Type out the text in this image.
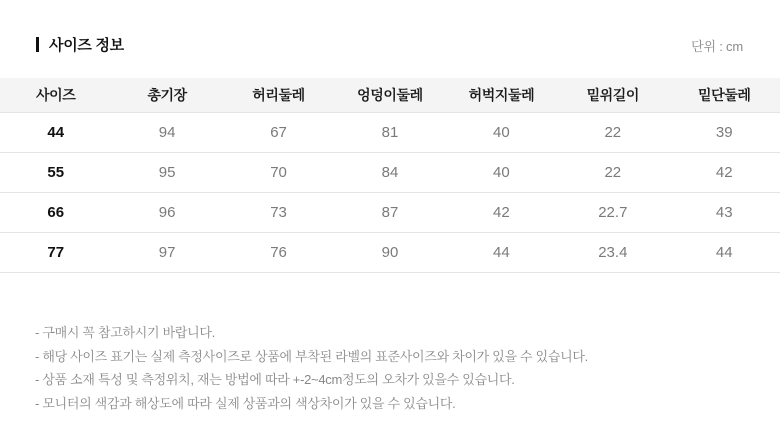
사이즈 정보	단위 : cm
사이즈	총기장	허리둘레	엉덩이둘레	허벅지둘레	밑위길이	밑단둘레
44	94	67	81	40	22	39
55	95	70	84	40	22	42
66	96	73	87	42	22.7	43
77	97	76	90	44	23.4	44

- 구매시 꼭 참고하시기 바랍니다.

- 해당 사이즈 표기는 실제 측정사이즈로 상품에 부착된 라벨의 표준사이즈와 차이가 있을 수 있습니다.

- 상품 소재 특성 및 측정위치, 재는 방법에 따라 +-2~4cm정도의 오차가 있을수 있습니다.

- 모니터의 색감과 해상도에 따라 실제 상품과의 색상차이가 있을 수 있습니다.
